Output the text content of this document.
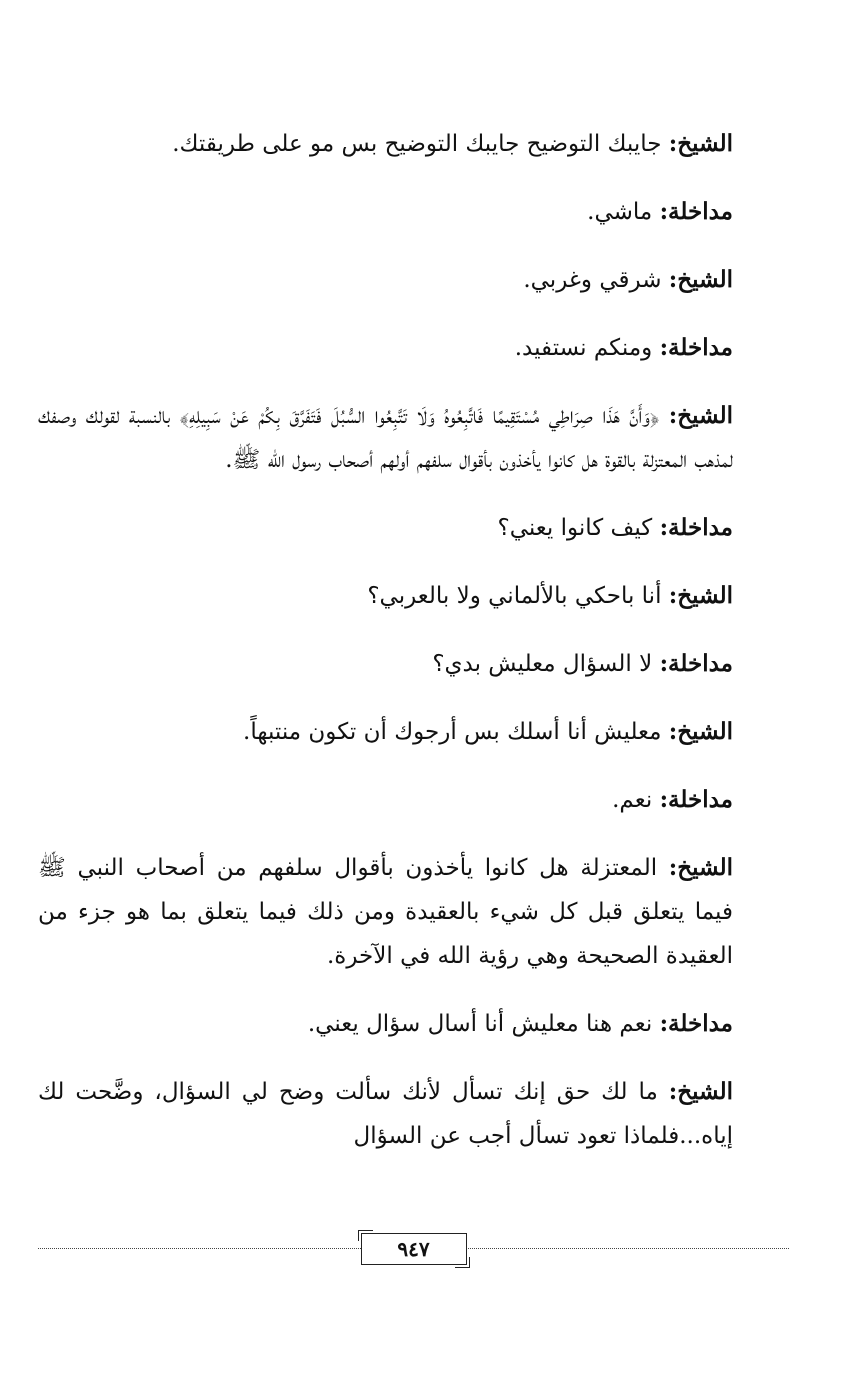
الشيخ: جايبك التوضيح جايبك التوضيح بس مو على طريقتك.

مداخلة: ماشي.

الشيخ: شرقي وغربي.

مداخلة: ومنكم نستفيد.

الشيخ: ﴿وَأَنَّ هَذَا صِرَاطِي مُسْتَقِيمًا فَاتَّبِعُوهُ وَلَا تَتَّبِعُوا السُّبُلَ فَتَفَرَّقَ بِكُمْ عَنْ سَبِيلِهِ﴾ بالنسبة لقولك وصفك لمذهب المعتزلة بالقوة هل كانوا يأخذون بأقوال سلفهم أولهم أصحاب رسول الله ﷺ.

مداخلة: كيف كانوا يعني؟

الشيخ: أنا باحكي بالألماني ولا بالعربي؟

مداخلة: لا السؤال معليش بدي؟

الشيخ: معليش أنا أسلك بس أرجوك أن تكون منتبهاً.

مداخلة: نعم.

الشيخ: المعتزلة هل كانوا يأخذون بأقوال سلفهم من أصحاب النبي ﷺ فيما يتعلق قبل كل شيء بالعقيدة ومن ذلك فيما يتعلق بما هو جزء من العقيدة الصحيحة وهي رؤية الله في الآخرة.

مداخلة: نعم هنا معليش أنا أسال سؤال يعني.

الشيخ: ما لك حق إنك تسأل لأنك سألت وضح لي السؤال، وضَّحت لك إياه...فلماذا تعود تسأل أجب عن السؤال

٩٤٧
